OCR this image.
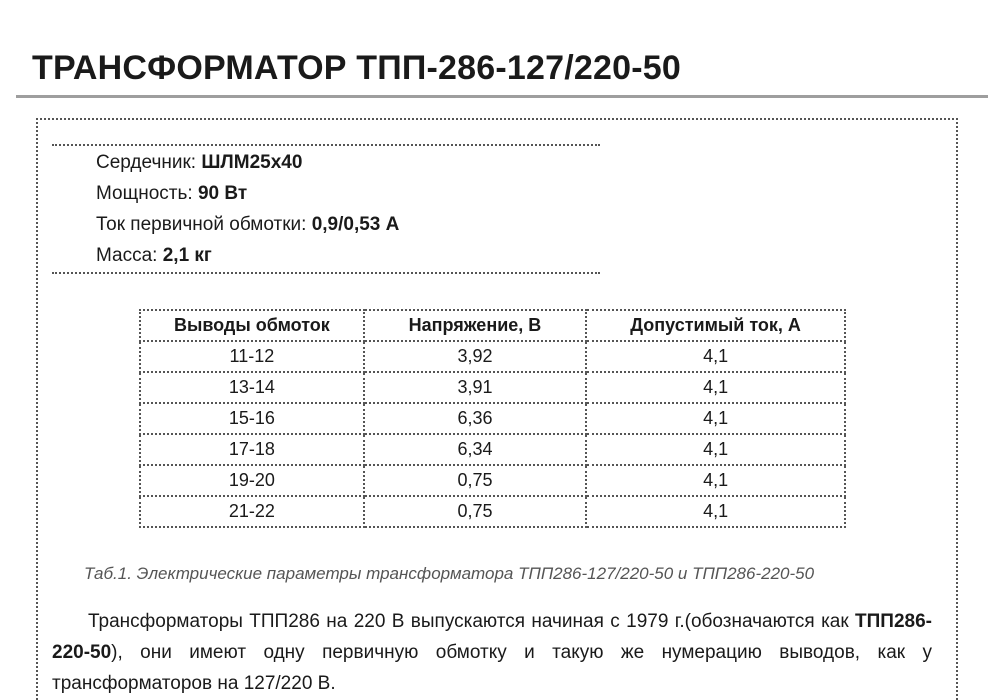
ТРАНСФОРМАТОР ТПП-286-127/220-50
Сердечник: ШЛМ25х40
Мощность: 90 Вт
Ток первичной обмотки: 0,9/0,53 А
Масса: 2,1 кг
Выводы обмоток	Напряжение, В	Допустимый ток, А
11-12	3,92	4,1
13-14	3,91	4,1
15-16	6,36	4,1
17-18	6,34	4,1
19-20	0,75	4,1
21-22	0,75	4,1
Таб.1. Электрические параметры трансформатора ТПП286-127/220-50 и ТПП286-220-50

Трансформаторы ТПП286 на 220 В выпускаются начиная с 1979 г.(обозначаются как ТПП286-220-50), они имеют одну первичную обмотку и такую же нумерацию выводов, как у трансформаторов на 127/220 В.
